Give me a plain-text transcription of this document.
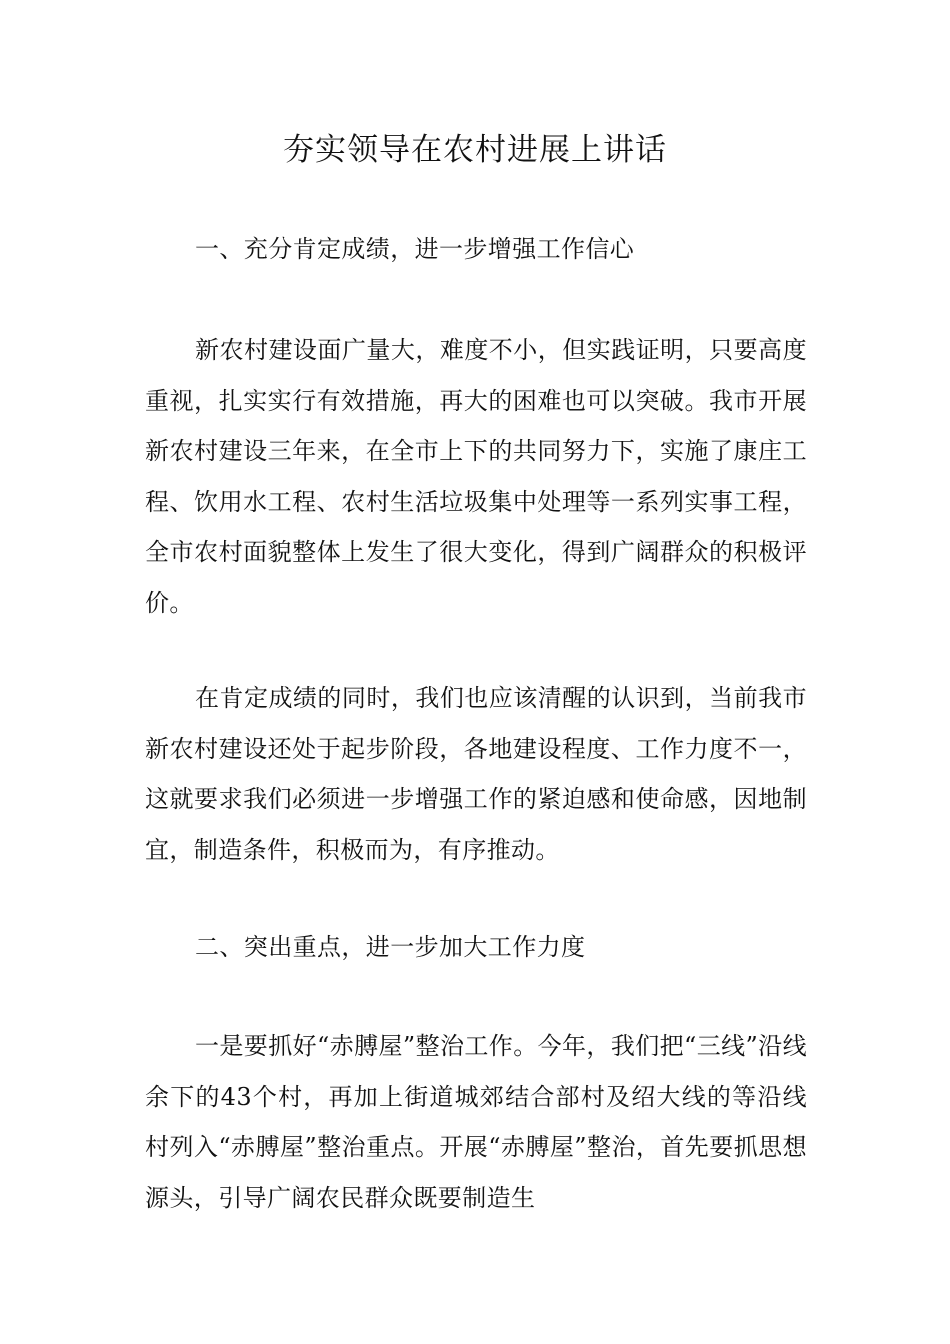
夯实领导在农村进展上讲话

一、充分肯定成绩，进一步增强工作信心

新农村建设面广量大，难度不小，但实践证明，只要高度重视，扎实实行有效措施，再大的困难也可以突破。我市开展新农村建设三年来，在全市上下的共同努力下，实施了康庄工程、饮用水工程、农村生活垃圾集中处理等一系列实事工程，全市农村面貌整体上发生了很大变化，得到广阔群众的积极评价。

在肯定成绩的同时，我们也应该清醒的认识到，当前我市新农村建设还处于起步阶段，各地建设程度、工作力度不一，这就要求我们必须进一步增强工作的紧迫感和使命感，因地制宜，制造条件，积极而为，有序推动。

二、突出重点，进一步加大工作力度

一是要抓好“赤膊屋”整治工作。今年，我们把“三线”沿线余下的43个村，再加上街道城郊结合部村及绍大线的等沿线村列入“赤膊屋”整治重点。开展“赤膊屋”整治，首先要抓思想源头，引导广阔农民群众既要制造生
